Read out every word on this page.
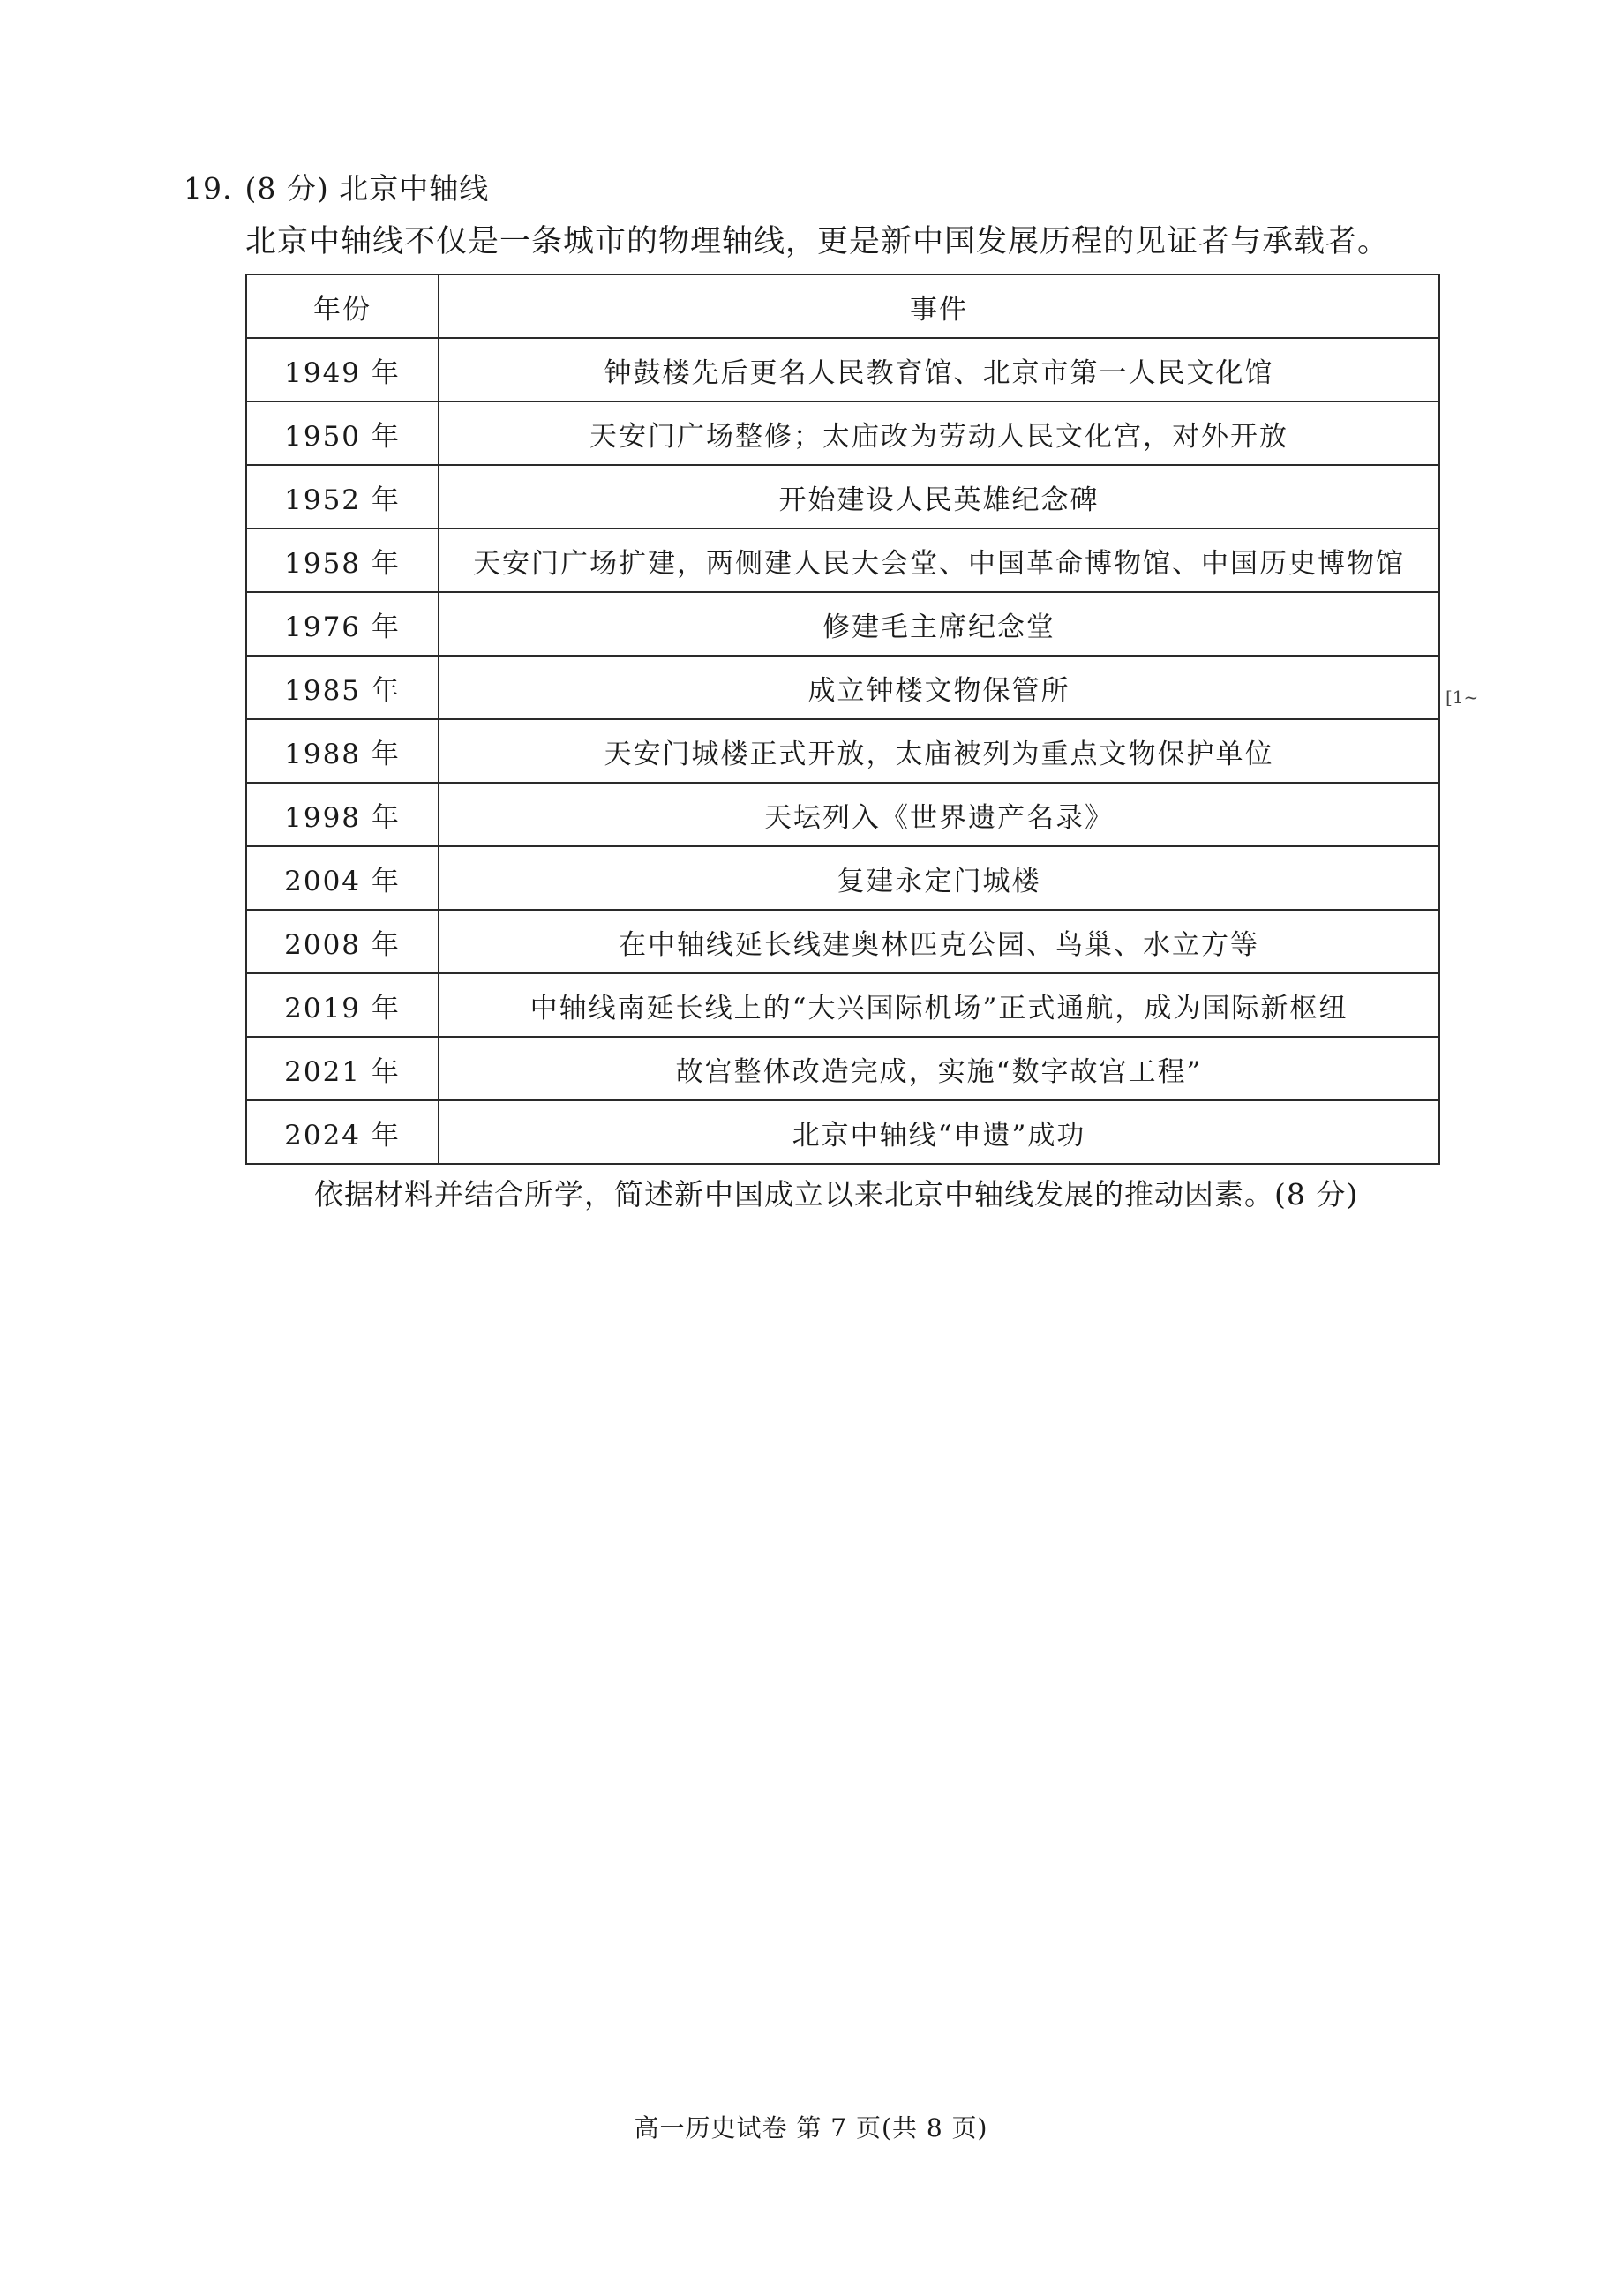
19. (8 分) 北京中轴线
北京中轴线不仅是一条城市的物理轴线，更是新中国发展历程的见证者与承载者。
年份	事件
1949 年	钟鼓楼先后更名人民教育馆、北京市第一人民文化馆
1950 年	天安门广场整修；太庙改为劳动人民文化宫，对外开放
1952 年	开始建设人民英雄纪念碑
1958 年	天安门广场扩建，两侧建人民大会堂、中国革命博物馆、中国历史博物馆
1976 年	修建毛主席纪念堂
1985 年	成立钟楼文物保管所
1988 年	天安门城楼正式开放，太庙被列为重点文物保护单位
1998 年	天坛列入《世界遗产名录》
2004 年	复建永定门城楼
2008 年	在中轴线延长线建奥林匹克公园、鸟巢、水立方等
2019 年	中轴线南延长线上的“大兴国际机场”正式通航，成为国际新枢纽
2021 年	故宫整体改造完成，实施“数字故宫工程”
2024 年	北京中轴线“申遗”成功
[1~
依据材料并结合所学，简述新中国成立以来北京中轴线发展的推动因素。(8 分)
高一历史试卷 第 7 页(共 8 页)
